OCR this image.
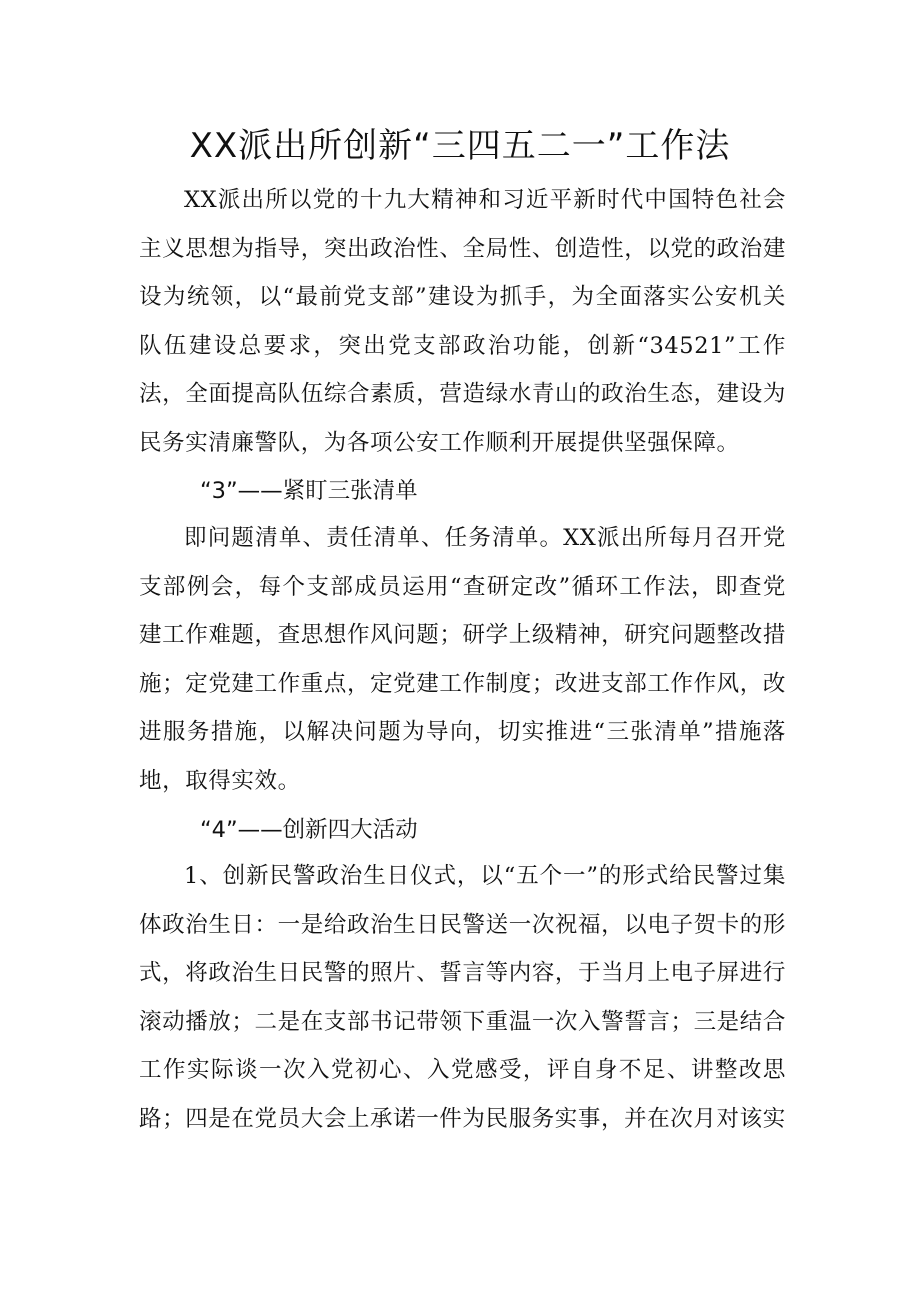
XX派出所创新“三四五二一”工作法
XX派出所以党的十九大精神和习近平新时代中国特色社会主义思想为指导，突出政治性、全局性、创造性，以党的政治建设为统领，以“最前党支部”建设为抓手，为全面落实公安机关队伍建设总要求，突出党支部政治功能，创新“34521”工作法，全面提高队伍综合素质，营造绿水青山的政治生态，建设为民务实清廉警队，为各项公安工作顺利开展提供坚强保障。
“3”——紧盯三张清单
即问题清单、责任清单、任务清单。XX派出所每月召开党支部例会，每个支部成员运用“查研定改”循环工作法，即查党建工作难题，查思想作风问题；研学上级精神，研究问题整改措施；定党建工作重点，定党建工作制度；改进支部工作作风，改进服务措施，以解决问题为导向，切实推进“三张清单”措施落地，取得实效。
“4”——创新四大活动
1、创新民警政治生日仪式，以“五个一”的形式给民警过集体政治生日：一是给政治生日民警送一次祝福，以电子贺卡的形式，将政治生日民警的照片、誓言等内容，于当月上电子屏进行滚动播放；二是在支部书记带领下重温一次入警誓言；三是结合工作实际谈一次入党初心、入党感受，评自身不足、讲整改思路；四是在党员大会上承诺一件为民服务实事，并在次月对该实
